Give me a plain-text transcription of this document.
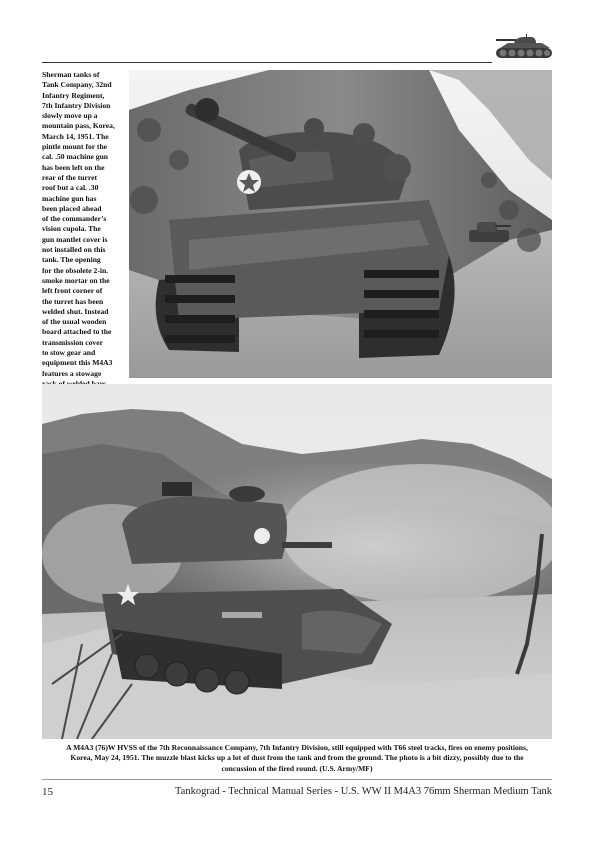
Sherman tanks of
Tank Company, 32nd
Infantry Regiment,
7th Infantry Division
slowly move up a
mountain pass, Korea,
March 14, 1951. The
pintle mount for the
cal. .50 machine gun
has been left on the
rear of the turret
roof but a cal. .30
machine gun has
been placed ahead
of the commander’s
vision cupola. The
gun mantlet cover is
not installed on this
tank. The opening
for the obsolete 2-in.
smoke mortar on the
left front corner of
the turret has been
welded shut. Instead
of the usual wooden
board attached to the
transmission cover
to stow gear and
equipment this M4A3
features a stowage

A M4A3 (76)W HVSS of the 7th Reconnaissance Company, 7th Infantry Division, still equipped with T66 steel tracks, fires on enemy positions,
Korea, May 24, 1951. The muzzle blast kicks up a lot of dust from the tank and from the ground. The photo is a bit dizzy, possibly due to the
concussion of the fired round. (U.S. Army/MF)
15	Tankograd - Technical Manual Series - U.S. WW II M4A3 76mm Sherman Medium Tank
